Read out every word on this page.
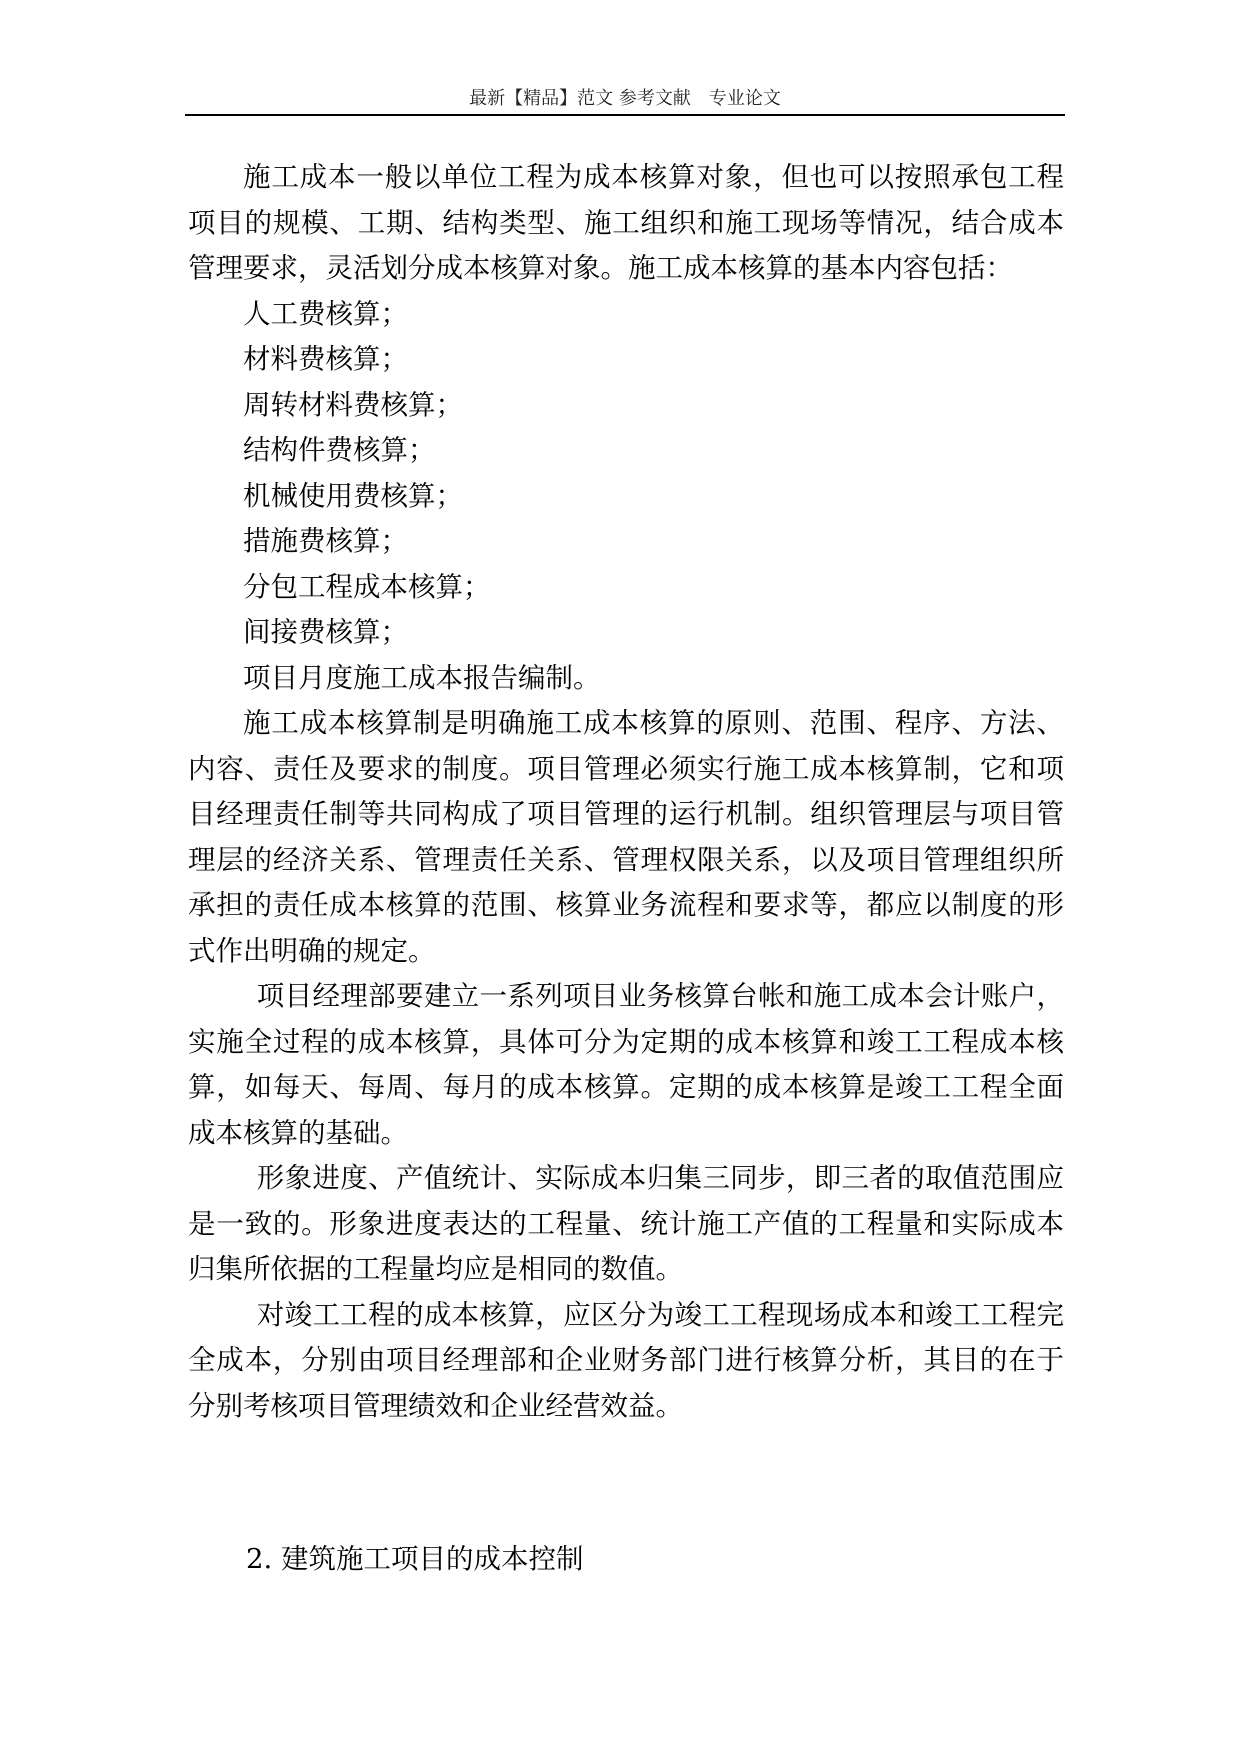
最新【精品】范文 参考文献　专业论文

施工成本一般以单位工程为成本核算对象，但也可以按照承包工程项目的规模、工期、结构类型、施工组织和施工现场等情况，结合成本管理要求，灵活划分成本核算对象。施工成本核算的基本内容包括：

人工费核算；

材料费核算；

周转材料费核算；

结构件费核算；

机械使用费核算；

措施费核算；

分包工程成本核算；

间接费核算；

项目月度施工成本报告编制。

施工成本核算制是明确施工成本核算的原则、范围、程序、方法、内容、责任及要求的制度。项目管理必须实行施工成本核算制，它和项目经理责任制等共同构成了项目管理的运行机制。组织管理层与项目管理层的经济关系、管理责任关系、管理权限关系，以及项目管理组织所承担的责任成本核算的范围、核算业务流程和要求等，都应以制度的形式作出明确的规定。

项目经理部要建立一系列项目业务核算台帐和施工成本会计账户，实施全过程的成本核算，具体可分为定期的成本核算和竣工工程成本核算，如每天、每周、每月的成本核算。定期的成本核算是竣工工程全面成本核算的基础。

形象进度、产值统计、实际成本归集三同步，即三者的取值范围应是一致的。形象进度表达的工程量、统计施工产值的工程量和实际成本归集所依据的工程量均应是相同的数值。

对竣工工程的成本核算，应区分为竣工工程现场成本和竣工工程完全成本，分别由项目经理部和企业财务部门进行核算分析，其目的在于分别考核项目管理绩效和企业经营效益。

2. 建筑施工项目的成本控制
